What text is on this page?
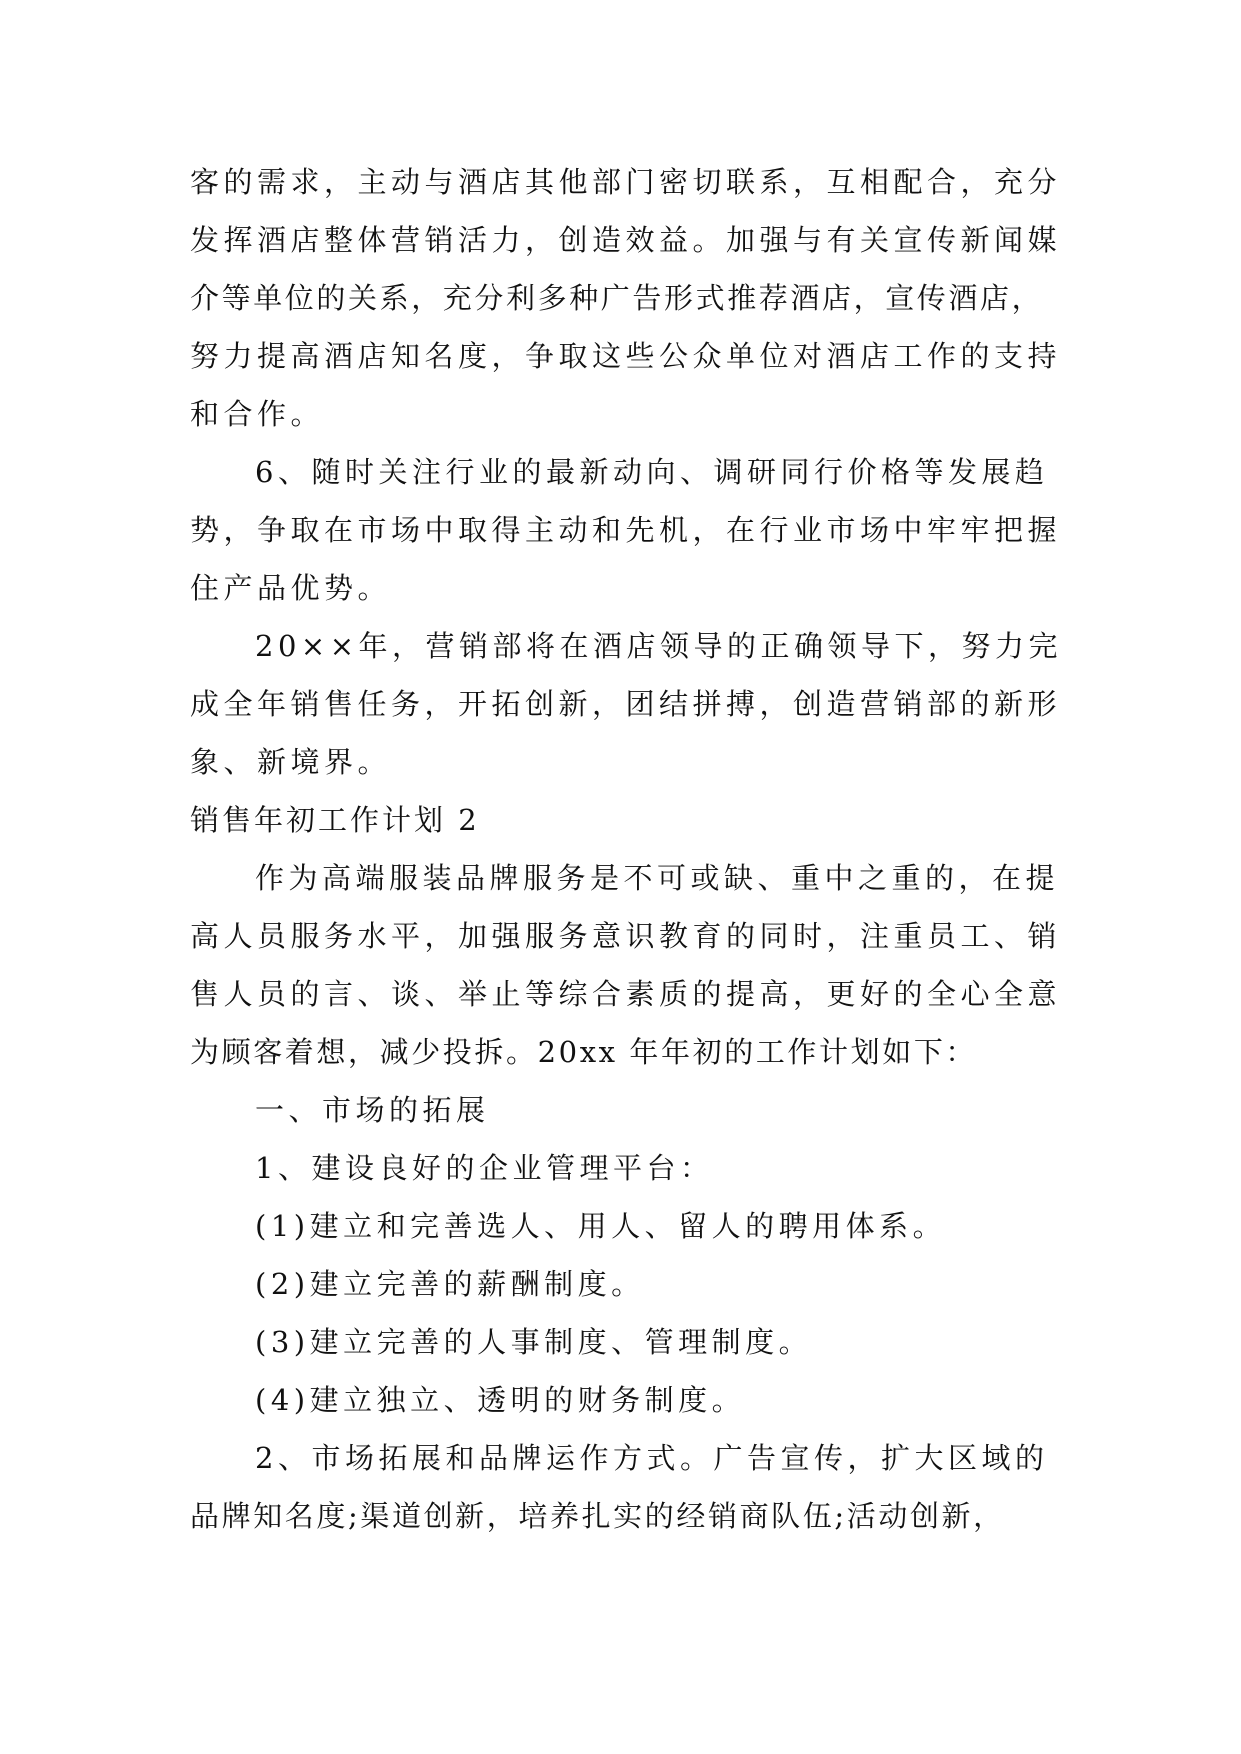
客的需求，主动与酒店其他部门密切联系，互相配合，充分
发挥酒店整体营销活力，创造效益。加强与有关宣传新闻媒
介等单位的关系，充分利多种广告形式推荐酒店，宣传酒店，
努力提高酒店知名度，争取这些公众单位对酒店工作的支持
和合作。
6、随时关注行业的最新动向、调研同行价格等发展趋
势，争取在市场中取得主动和先机，在行业市场中牢牢把握
住产品优势。
20××年，营销部将在酒店领导的正确领导下，努力完
成全年销售任务，开拓创新，团结拼搏，创造营销部的新形
象、新境界。
销售年初工作计划 2
作为高端服装品牌服务是不可或缺、重中之重的，在提
高人员服务水平，加强服务意识教育的同时，注重员工、销
售人员的言、谈、举止等综合素质的提高，更好的全心全意
为顾客着想，减少投拆。20xx 年年初的工作计划如下：
一、市场的拓展
1、建设良好的企业管理平台：
(1)建立和完善选人、用人、留人的聘用体系。
(2)建立完善的薪酬制度。
(3)建立完善的人事制度、管理制度。
(4)建立独立、透明的财务制度。
2、市场拓展和品牌运作方式。广告宣传，扩大区域的
品牌知名度;渠道创新，培养扎实的经销商队伍;活动创新，
